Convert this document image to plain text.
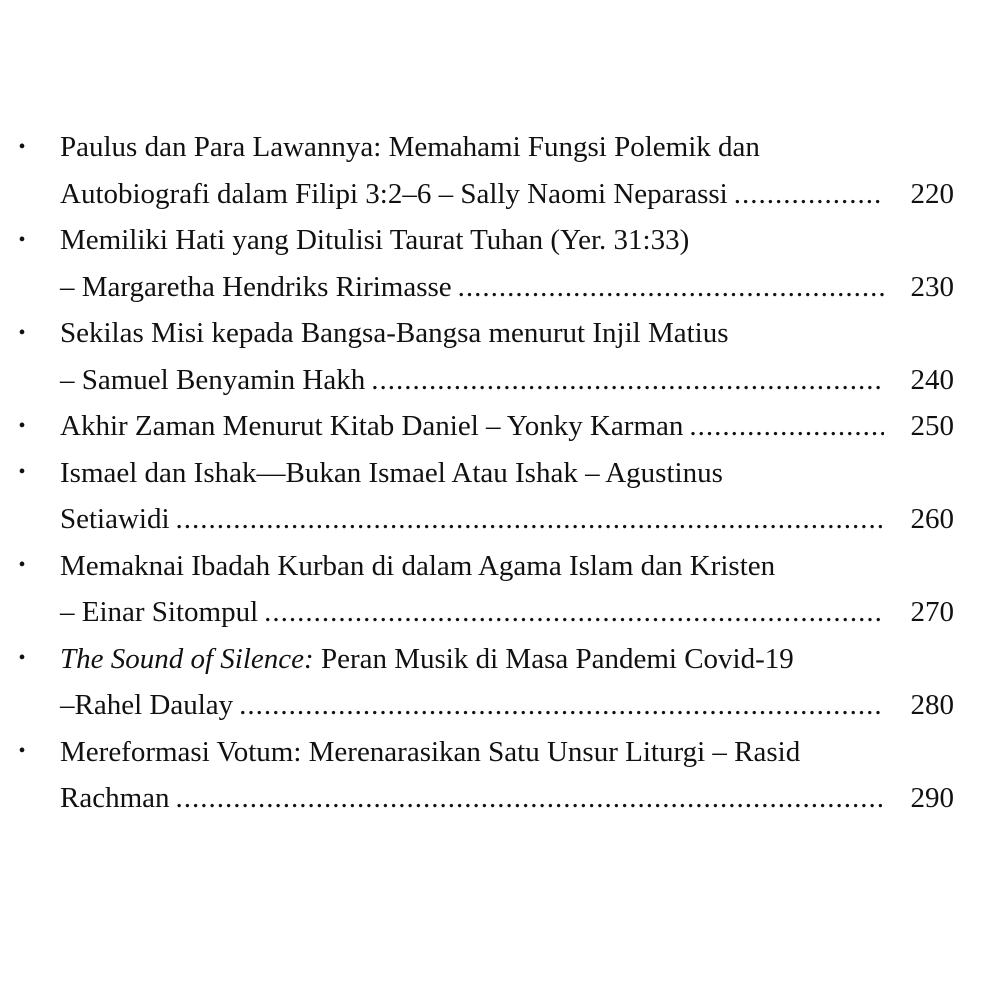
•	Paulus dan Para Lawannya: Memahami Fungsi Polemik dan
Autobiografi dalam Filipi 3:2–6 – Sally Naomi Neparassi .....	220
•	Memiliki Hati yang Ditulisi Taurat Tuhan (Yer. 31:33)
– Margaretha Hendriks Ririmasse .....	230
•	Sekilas Misi kepada Bangsa-Bangsa menurut Injil Matius
– Samuel Benyamin Hakh .....	240
• Akhir Zaman Menurut Kitab Daniel – Yonky Karman .....	250
•	Ismael dan Ishak—Bukan Ismael Atau Ishak – Agustinus
Setiawidi .....	260
•	Memaknai Ibadah Kurban di dalam Agama Islam dan Kristen
– Einar Sitompul .....	270
•	The Sound of Silence: Peran Musik di Masa Pandemi Covid-19
–Rahel Daulay .....	280
•	Mereformasi Votum: Merenarasikan Satu Unsur Liturgi – Rasid
Rachman .....	290
